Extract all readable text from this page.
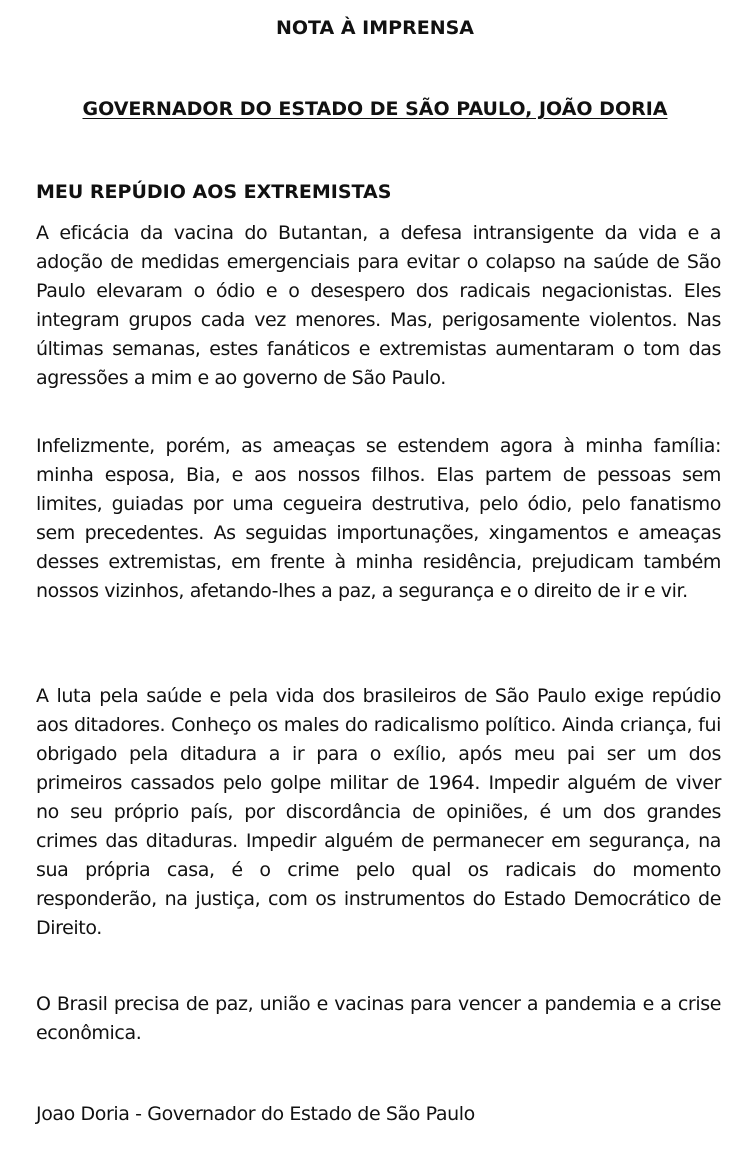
NOTA À IMPRENSA
GOVERNADOR DO ESTADO DE SÃO PAULO, JOÃO DORIA
MEU REPÚDIO AOS EXTREMISTAS

A eficácia da vacina do Butantan, a defesa intransigente da vida e a adoção de medidas emergenciais para evitar o colapso na saúde de São Paulo elevaram o ódio e o desespero dos radicais negacionistas. Eles integram grupos cada vez menores. Mas, perigosamente violentos. Nas últimas semanas, estes fanáticos e extremistas aumentaram o tom das agressões a mim e ao governo de São Paulo.

Infelizmente, porém, as ameaças se estendem agora à minha família: minha esposa, Bia, e aos nossos filhos. Elas partem de pessoas sem limites, guiadas por uma cegueira destrutiva, pelo ódio, pelo fanatismo sem precedentes. As seguidas importunações, xingamentos e ameaças desses extremistas, em frente à minha residência, prejudicam também nossos vizinhos, afetando-lhes a paz, a segurança e o direito de ir e vir.

A luta pela saúde e pela vida dos brasileiros de São Paulo exige repúdio aos ditadores. Conheço os males do radicalismo político. Ainda criança, fui obrigado pela ditadura a ir para o exílio, após meu pai ser um dos primeiros cassados pelo golpe militar de 1964. Impedir alguém de viver no seu próprio país, por discordância de opiniões, é um dos grandes crimes das ditaduras. Impedir alguém de permanecer em segurança, na sua própria casa, é o crime pelo qual os radicais do momento responderão, na justiça, com os instrumentos do Estado Democrático de Direito.

O Brasil precisa de paz, união e vacinas para vencer a pandemia e a crise econômica.

Joao Doria - Governador do Estado de São Paulo
